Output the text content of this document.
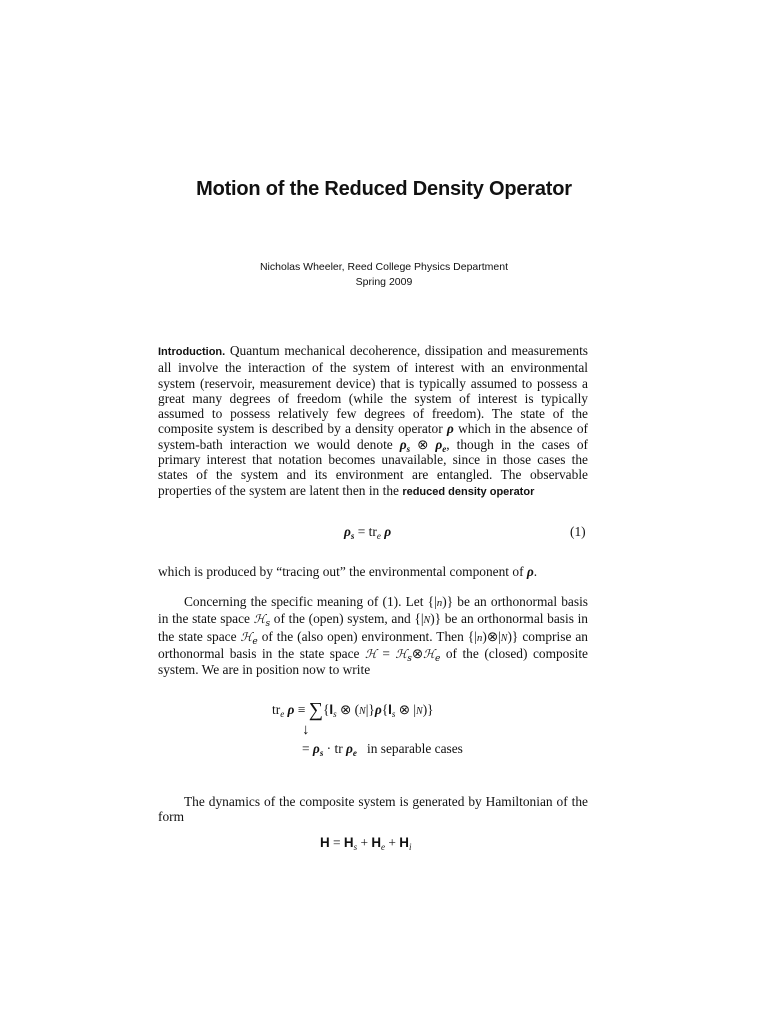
Motion of the Reduced Density Operator
Nicholas Wheeler, Reed College Physics Department
Spring 2009
Introduction. Quantum mechanical decoherence, dissipation and measurements all involve the interaction of the system of interest with an environmental system (reservoir, measurement device) that is typically assumed to possess a great many degrees of freedom (while the system of interest is typically assumed to possess relatively few degrees of freedom). The state of the composite system is described by a density operator ρ which in the absence of system-bath interaction we would denote $\rho_s$ ⊗ $\rho_e$, though in the cases of primary interest that notation becomes unavailable, since in those cases the states of the system and its environment are entangled. The observable properties of the system are latent then in the reduced density operator
$\rho_s = tr_e$ ρ	(1)
which is produced by “tracing out” the environmental component of ρ.
Concerning the specific meaning of (1). Let {|n)} be an orthonormal basis in the state space ℋ$_s$ of the (open) system, and {|N)} be an orthonormal basis in the state space ℋ$_e$ of the (also open) environment. Then {|n)⊗|N)} comprise an orthonormal basis in the state space ℋ = ℋ$_s$⊗ℋ$_e$ of the (closed) composite system. We are in position now to write
$tr_e$ $\rho \equiv \sum\{I_s$ ⊗ $(N|\}\rho\{I_s$ ⊗ |N)}
↓
= $\rho_s$ · tr $\rho_e$ in separable cases
The dynamics of the composite system is generated by Hamiltonian of the form
$H = H_s + H_e + H_i$
